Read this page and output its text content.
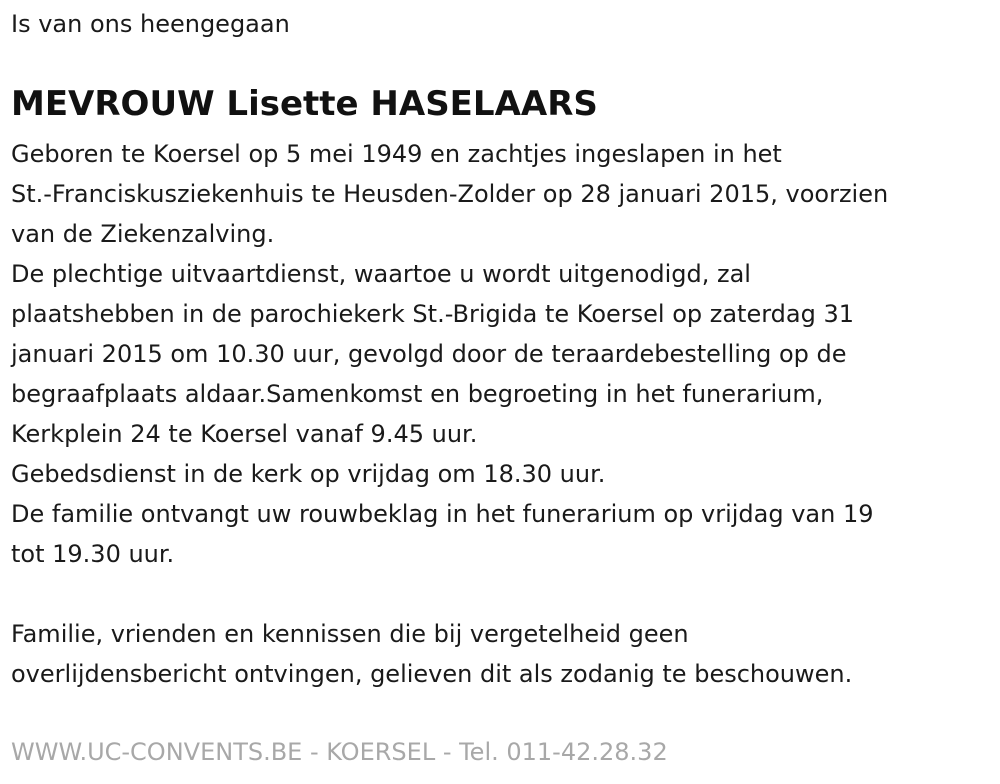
Is van ons heengegaan
MEVROUW Lisette HASELAARS
Geboren te Koersel op 5 mei 1949 en zachtjes ingeslapen in het
St.-Franciskusziekenhuis te Heusden-Zolder op 28 januari 2015, voorzien
van de Ziekenzalving.
De plechtige uitvaartdienst, waartoe u wordt uitgenodigd, zal
plaatshebben in de parochiekerk St.-Brigida te Koersel op zaterdag 31
januari 2015 om 10.30 uur, gevolgd door de teraardebestelling op de
begraafplaats aldaar.Samenkomst en begroeting in het funerarium,
Kerkplein 24 te Koersel vanaf 9.45 uur.
Gebedsdienst in de kerk op vrijdag om 18.30 uur.
De familie ontvangt uw rouwbeklag in het funerarium op vrijdag van 19
tot 19.30 uur.
Familie, vrienden en kennissen die bij vergetelheid geen
overlijdensbericht ontvingen, gelieven dit als zodanig te beschouwen.
WWW.UC-CONVENTS.BE - KOERSEL - Tel. 011-42.28.32
